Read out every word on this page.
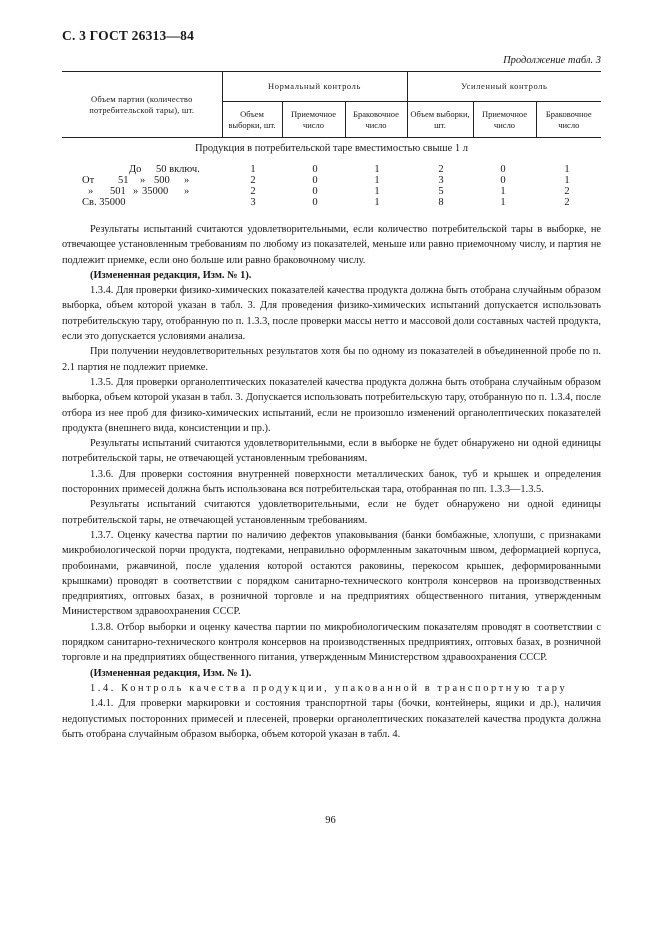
С. 3 ГОСТ 26313—84
Продолжение табл. 3
Объем партии (количество потребительской тары), шт.	Нормальный контроль			Усиленный контроль		
	Объем выборки, шт.	Приемочное число	Браковочное число	Объем выборки, шт.	Приемочное число	Браковочное число
Продукция в потребительской таре вместимостью свыше 1 л
До 50 включ.	1	0	1	2	0	1
От 51 » 500 »	2	0	1	3	0	1
» 501 » 35000 »	2	0	1	5	1	2
Св. 35000	3	0	1	8	1	2

Результаты испытаний считаются удовлетворительными, если количество потребительской тары в выборке, не отвечающее установленным требованиям по любому из показателей, меньше или равно приемочному числу, и партия не подлежит приемке, если оно больше или равно браковочному числу.

(Измененная редакция, Изм. № 1).

1.3.4. Для проверки физико-химических показателей качества продукта должна быть отобрана случайным образом выборка, объем которой указан в табл. 3. Для проведения физико-химических испытаний допускается использовать потребительскую тару, отобранную по п. 1.3.3, после проверки массы нетто и массовой доли составных частей продукта, если это допускается условиями анализа.

При получении неудовлетворительных результатов хотя бы по одному из показателей в объединенной пробе по п. 2.1 партия не подлежит приемке.

1.3.5. Для проверки органолептических показателей качества продукта должна быть отобрана случайным образом выборка, объем которой указан в табл. 3. Допускается использовать потребительскую тару, отобранную по п. 1.3.4, после отбора из нее проб для физико-химических испытаний, если не произошло изменений органолептических показателей продукта (внешнего вида, консистенции и пр.).

Результаты испытаний считаются удовлетворительными, если в выборке не будет обнаружено ни одной единицы потребительской тары, не отвечающей установленным требованиям.

1.3.6. Для проверки состояния внутренней поверхности металлических банок, туб и крышек и определения посторонних примесей должна быть использована вся потребительская тара, отобранная по пп. 1.3.3—1.3.5.

Результаты испытаний считаются удовлетворительными, если не будет обнаружено ни одной единицы потребительской тары, не отвечающей установленным требованиям.

1.3.7. Оценку качества партии по наличию дефектов упаковывания (банки бомбажные, хлопуши, с признаками микробиологической порчи продукта, подтеками, неправильно оформленным закаточным швом, деформацией корпуса, пробоинами, ржавчиной, после удаления которой остаются раковины, перекосом крышек, деформированными крышками) проводят в соответствии с порядком санитарно-технического контроля консервов на производственных предприятиях, оптовых базах, в розничной торговле и на предприятиях общественного питания, утвержденным Министерством здравоохранения СССР.

1.3.8. Отбор выборки и оценку качества партии по микробиологическим показателям проводят в соответствии с порядком санитарно-технического контроля консервов на производственных предприятиях, оптовых базах, в розничной торговле и на предприятиях общественного питания, утвержденным Министерством здравоохранения СССР.

(Измененная редакция, Изм. № 1).

1.4. Контроль качества продукции, упакованной в транспортную тару

1.4.1. Для проверки маркировки и состояния транспортной тары (бочки, контейнеры, ящики и др.), наличия недопустимых посторонних примесей и плесеней, проверки органолептических показателей качества продукта должна быть отобрана случайным образом выборка, объем которой указан в табл. 4.

96
